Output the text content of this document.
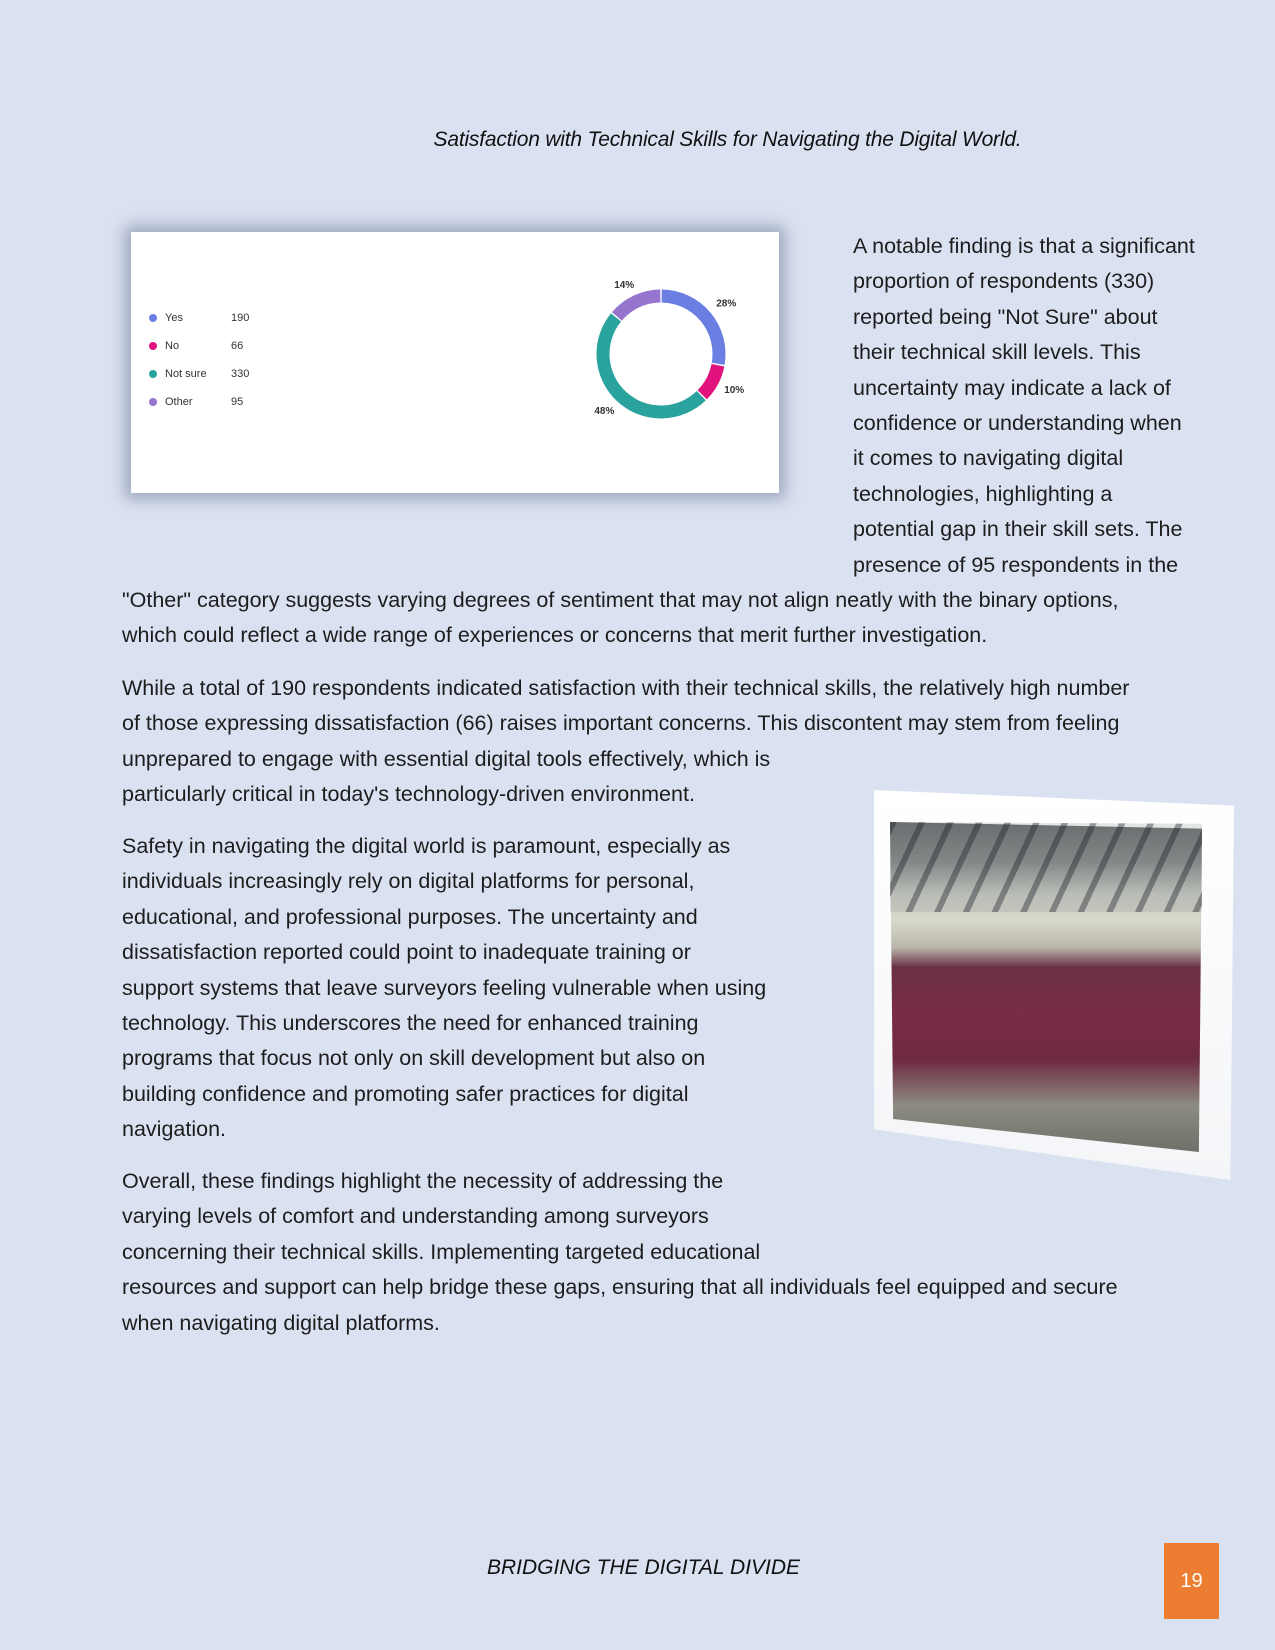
Satisfaction with Technical Skills for Navigating the Digital World.
Yes	190
No	66
Not sure	330
Other	95
28%
10%
48%
14%
A notable finding is that a significant
proportion of respondents (330)
reported being "Not Sure" about
their technical skill levels. This
uncertainty may indicate a lack of
confidence or understanding when
it comes to navigating digital
technologies, highlighting a
potential gap in their skill sets. The
presence of 95 respondents in the
"Other" category suggests varying degrees of sentiment that may not align neatly with the binary options,
which could reflect a wide range of experiences or concerns that merit further investigation.
While a total of 190 respondents indicated satisfaction with their technical skills, the relatively high number
of those expressing dissatisfaction (66) raises important concerns. This discontent may stem from feeling
unprepared to engage with essential digital tools effectively, which is
particularly critical in today's technology-driven environment.
Safety in navigating the digital world is paramount, especially as
individuals increasingly rely on digital platforms for personal,
educational, and professional purposes. The uncertainty and
dissatisfaction reported could point to inadequate training or
support systems that leave surveyors feeling vulnerable when using
technology. This underscores the need for enhanced training
programs that focus not only on skill development but also on
building confidence and promoting safer practices for digital
navigation.
Overall, these findings highlight the necessity of addressing the
varying levels of comfort and understanding among surveyors
concerning their technical skills. Implementing targeted educational
resources and support can help bridge these gaps, ensuring that all individuals feel equipped and secure
when navigating digital platforms.
BRIDGING THE DIGITAL DIVIDE
19
